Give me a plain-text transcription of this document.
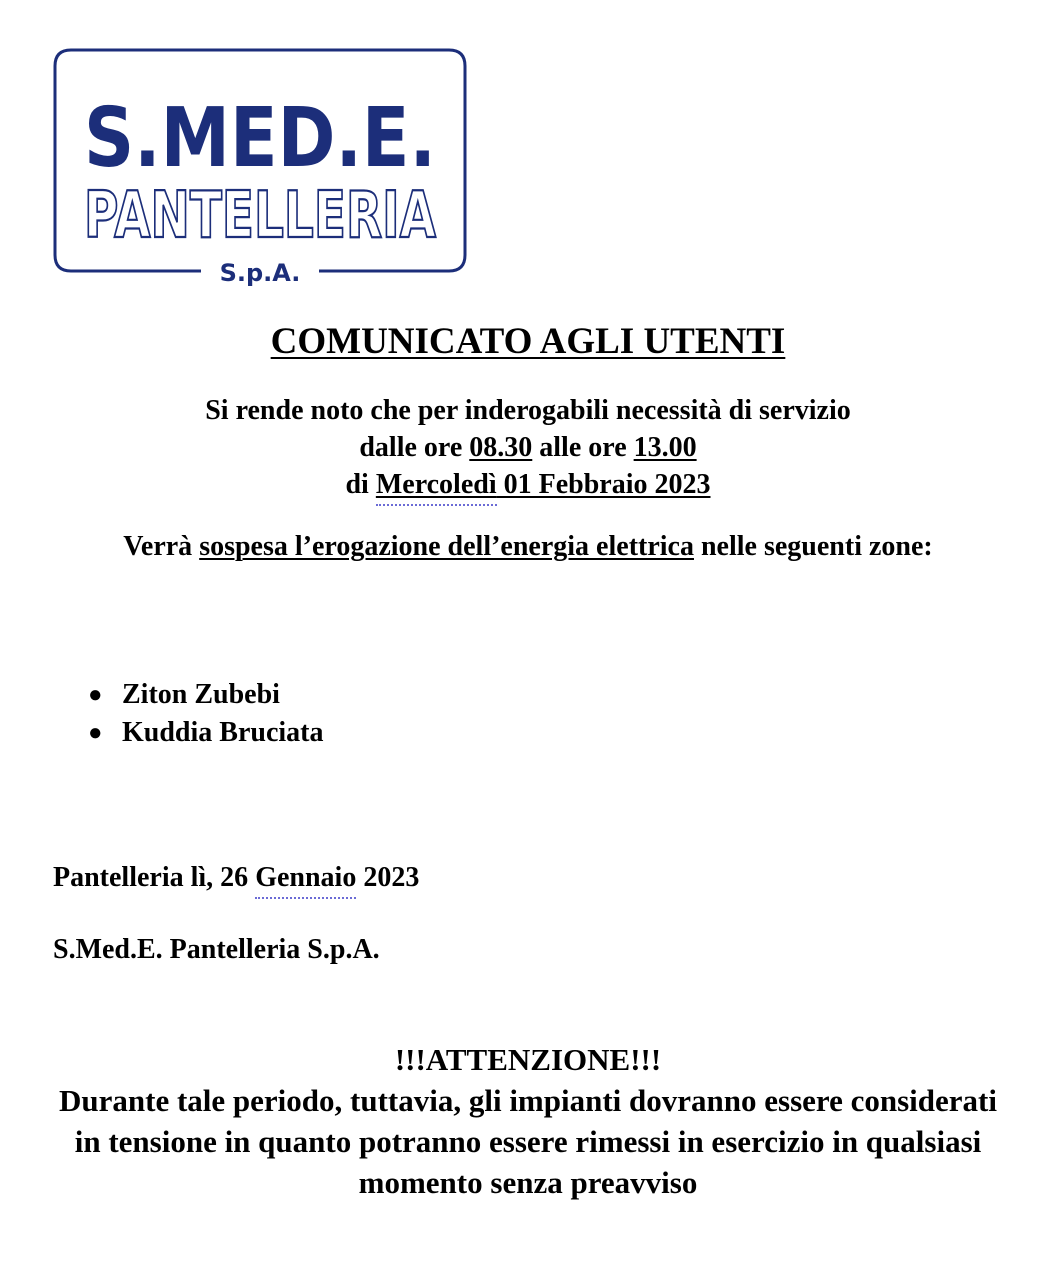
S.MED.E.
PANTELLERIA
S.p.A.
COMUNICATO AGLI UTENTI
Si rende noto che per inderogabili necessità di servizio
dalle ore 08.30 alle ore 13.00
di Mercoledì 01 Febbraio 2023
Verrà sospesa l’erogazione dell’energia elettrica nelle seguenti zone:
● Ziton Zubebi
● Kuddia Bruciata
Pantelleria lì, 26 Gennaio 2023
S.Med.E. Pantelleria S.p.A.
!!!ATTENZIONE!!!
Durante tale periodo, tuttavia, gli impianti dovranno essere considerati in tensione in quanto potranno essere rimessi in esercizio in qualsiasi momento senza preavviso
